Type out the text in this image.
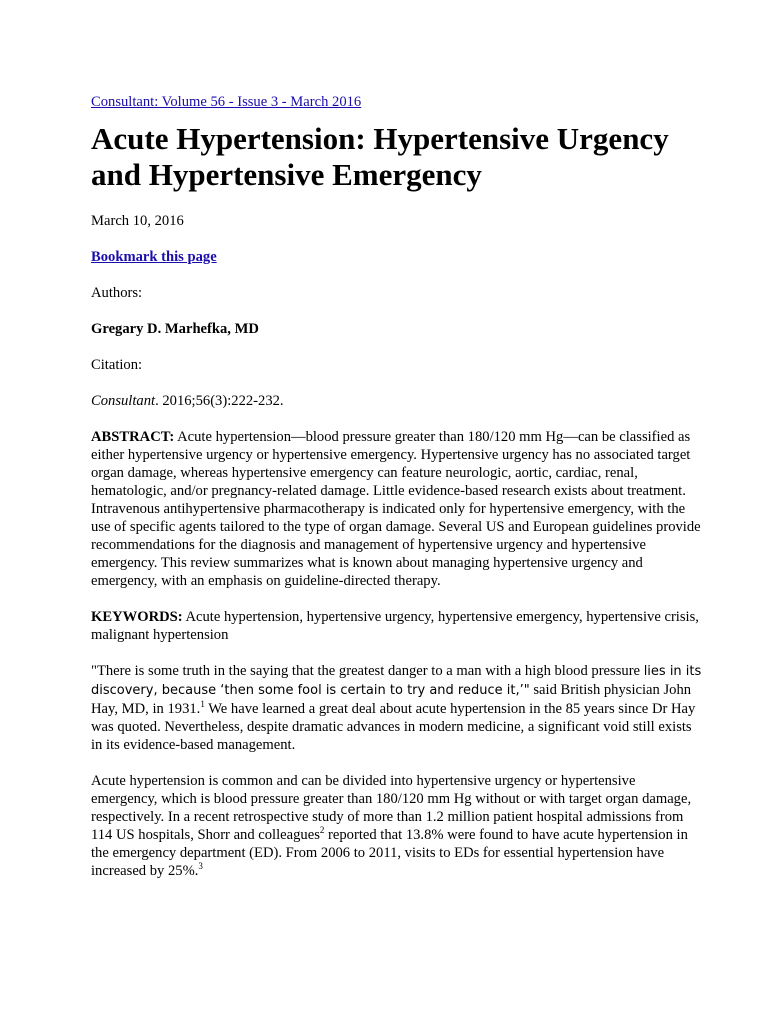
Consultant: Volume 56 - Issue 3 - March 2016
Acute Hypertension: Hypertensive Urgency and Hypertensive Emergency

March 10, 2016

Bookmark this page

Authors:

Gregary D. Marhefka, MD

Citation:

Consultant. 2016;56(3):222-232.

ABSTRACT: Acute hypertension—blood pressure greater than 180/120 mm Hg—can be classified as either hypertensive urgency or hypertensive emergency. Hypertensive urgency has no associated target organ damage, whereas hypertensive emergency can feature neurologic, aortic, cardiac, renal, hematologic, and/or pregnancy-related damage. Little evidence-based research exists about treatment. Intravenous antihypertensive pharmacotherapy is indicated only for hypertensive emergency, with the use of specific agents tailored to the type of organ damage. Several US and European guidelines provide recommendations for the diagnosis and management of hypertensive urgency and hypertensive emergency. This review summarizes what is known about managing hypertensive urgency and emergency, with an emphasis on guideline-directed therapy.

KEYWORDS: Acute hypertension, hypertensive urgency, hypertensive emergency, hypertensive crisis, malignant hypertension

"There is some truth in the saying that the greatest danger to a man with a high blood pressure lies in its discovery, because ‘then some fool is certain to try and reduce it,’" said British physician John Hay, MD, in 1931.$^1$ We have learned a great deal about acute hypertension in the 85 years since Dr Hay was quoted. Nevertheless, despite dramatic advances in modern medicine, a significant void still exists in its evidence-based management.

Acute hypertension is common and can be divided into hypertensive urgency or hypertensive emergency, which is blood pressure greater than 180/120 mm Hg without or with target organ damage, respectively. In a recent retrospective study of more than 1.2 million patient hospital admissions from 114 US hospitals, Shorr and colleagues$^2$ reported that 13.8% were found to have acute hypertension in the emergency department (ED). From 2006 to 2011, visits to EDs for essential hypertension have increased by 25%.$^3$
